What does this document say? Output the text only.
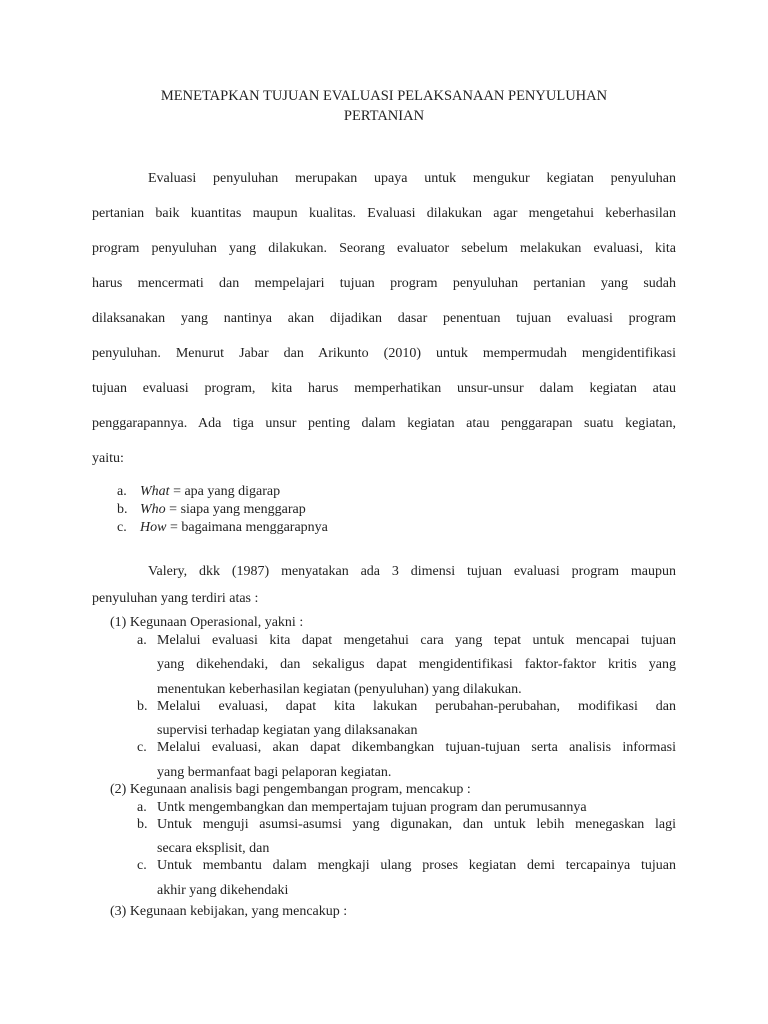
MENETAPKAN TUJUAN EVALUASI PELAKSANAAN PENYULUHAN
PERTANIAN
Evaluasi penyuluhan merupakan upaya untuk mengukur kegiatan penyuluhan
pertanian baik kuantitas maupun kualitas. Evaluasi dilakukan agar mengetahui keberhasilan
program penyuluhan yang dilakukan. Seorang evaluator sebelum melakukan evaluasi, kita
harus mencermati dan mempelajari tujuan program penyuluhan pertanian yang sudah
dilaksanakan yang nantinya akan dijadikan dasar penentuan tujuan evaluasi program
penyuluhan. Menurut Jabar dan Arikunto (2010) untuk mempermudah mengidentifikasi
tujuan evaluasi program, kita harus memperhatikan unsur-unsur dalam kegiatan atau
penggarapannya. Ada tiga unsur penting dalam kegiatan atau penggarapan suatu kegiatan,
yaitu:
a. What = apa yang digarap
b. Who = siapa yang menggarap
c. How = bagaimana menggarapnya
Valery, dkk (1987) menyatakan ada 3 dimensi tujuan evaluasi program maupun
penyuluhan yang terdiri atas :
(1) Kegunaan Operasional, yakni :
a. Melalui evaluasi kita dapat mengetahui cara yang tepat untuk mencapai tujuan
yang dikehendaki, dan sekaligus dapat mengidentifikasi faktor-faktor kritis yang
menentukan keberhasilan kegiatan (penyuluhan) yang dilakukan.
b. Melalui evaluasi, dapat kita lakukan perubahan-perubahan, modifikasi dan
supervisi terhadap kegiatan yang dilaksanakan
c. Melalui evaluasi, akan dapat dikembangkan tujuan-tujuan serta analisis informasi
yang bermanfaat bagi pelaporan kegiatan.
(2) Kegunaan analisis bagi pengembangan program, mencakup :
a. Untk mengembangkan dan mempertajam tujuan program dan perumusannya
b. Untuk menguji asumsi-asumsi yang digunakan, dan untuk lebih menegaskan lagi
secara eksplisit, dan
c. Untuk membantu dalam mengkaji ulang proses kegiatan demi tercapainya tujuan
akhir yang dikehendaki
(3) Kegunaan kebijakan, yang mencakup :
